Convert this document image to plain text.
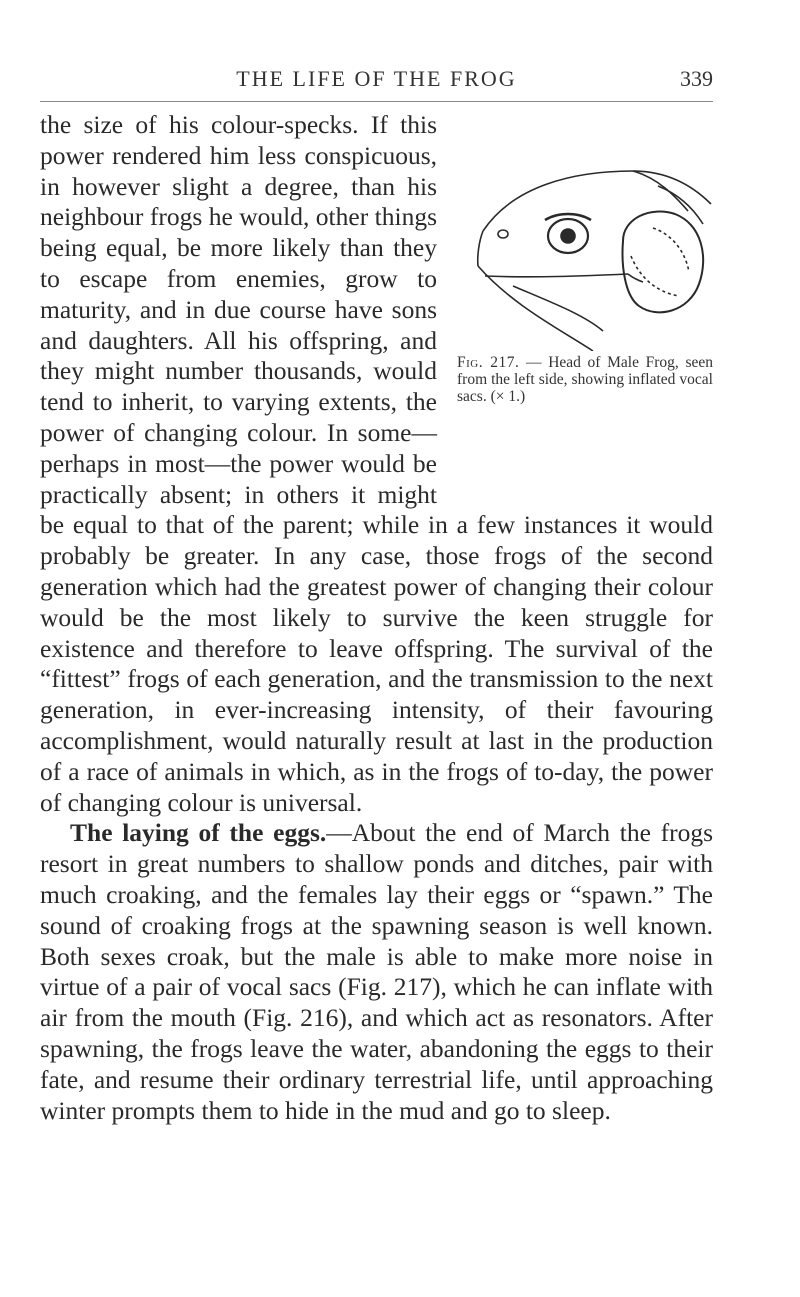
THE LIFE OF THE FROG	339

Fig. 217. — Head of Male Frog, seen from the left side, showing inflated vocal sacs. (× 1.)
the size of his colour-specks. If this power rendered him less conspicuous, in however slight a degree, than his neighbour frogs he would, other things being equal, be more likely than they to escape from enemies, grow to maturity, and in due course have sons and daughters. All his offspring, and they might number thousands, would tend to inherit, to varying extents, the power of changing colour. In some—perhaps in most—the power would be practically absent; in others it might be equal to that of the parent; while in a few instances it would probably be greater. In any case, those frogs of the second generation which had the greatest power of changing their colour would be the most likely to survive the keen struggle for existence and therefore to leave offspring. The survival of the “fittest” frogs of each generation, and the transmission to the next generation, in ever-increasing intensity, of their favouring accomplishment, would naturally result at last in the production of a race of animals in which, as in the frogs of to-day, the power of changing colour is universal.

The laying of the eggs.—About the end of March the frogs resort in great numbers to shallow ponds and ditches, pair with much croaking, and the females lay their eggs or “spawn.” The sound of croaking frogs at the spawning season is well known. Both sexes croak, but the male is able to make more noise in virtue of a pair of vocal sacs (Fig. 217), which he can inflate with air from the mouth (Fig. 216), and which act as resonators. After spawning, the frogs leave the water, abandoning the eggs to their fate, and resume their ordinary terrestrial life, until approaching winter prompts them to hide in the mud and go to sleep.
